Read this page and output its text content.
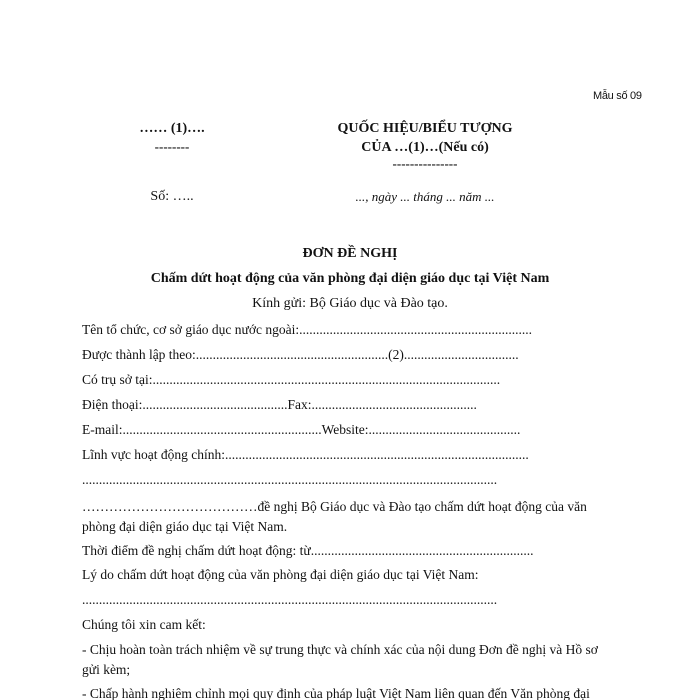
Mẫu số 09
…… (1)….
--------
Số: …..
QUỐC HIỆU/BIỂU TƯỢNG
CỦA …(1)…(Nếu có)
---------------
..., ngày ... tháng ... năm ...
ĐƠN ĐỀ NGHỊ
Chấm dứt hoạt động của văn phòng đại diện giáo dục tại Việt Nam
Kính gửi: Bộ Giáo dục và Đào tạo.
Tên tổ chức, cơ sở giáo dục nước ngoài:.....................................................................
Được thành lập theo:.........................................................(2)..................................
Có trụ sở tại:.......................................................................................................
Điện thoại:...........................................Fax:.................................................
E-mail:...........................................................Website:.............................................
Lĩnh vực hoạt động chính:..........................................................................................
...........................................................................................................................
…………………………………đề nghị Bộ Giáo dục và Đào tạo chấm dứt hoạt động của văn phòng đại diện giáo dục tại Việt Nam.
Thời điểm đề nghị chấm dứt hoạt động: từ..................................................................
Lý do chấm dứt hoạt động của văn phòng đại diện giáo dục tại Việt Nam:
...........................................................................................................................
Chúng tôi xin cam kết:
- Chịu hoàn toàn trách nhiệm về sự trung thực và chính xác của nội dung Đơn đề nghị và Hồ sơ gửi kèm;
- Chấp hành nghiêm chỉnh mọi quy định của pháp luật Việt Nam liên quan đến Văn phòng đại
